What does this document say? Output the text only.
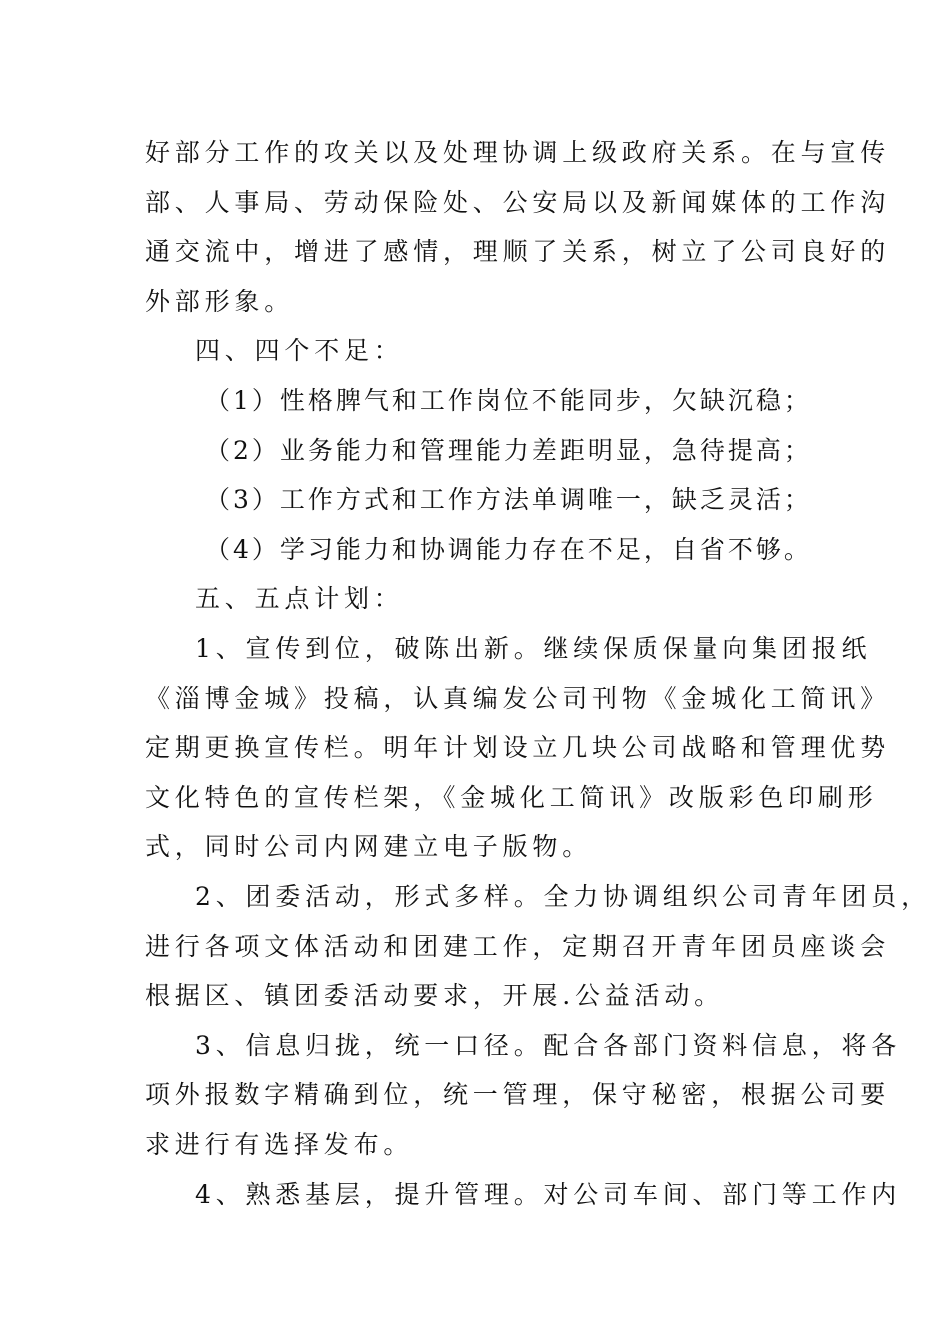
好部分工作的攻关以及处理协调上级政府关系。在与宣传
部、人事局、劳动保险处、公安局以及新闻媒体的工作沟
通交流中，增进了感情，理顺了关系，树立了公司良好的
外部形象。
四、四个不足：
（1）性格脾气和工作岗位不能同步，欠缺沉稳；
（2）业务能力和管理能力差距明显，急待提高；
（3）工作方式和工作方法单调唯一，缺乏灵活；
（4）学习能力和协调能力存在不足，自省不够。
五、五点计划：
1、宣传到位，破陈出新。继续保质保量向集团报纸
《淄博金城》投稿，认真编发公司刊物《金城化工简讯》
定期更换宣传栏。明年计划设立几块公司战略和管理优势
文化特色的宣传栏架，《金城化工简讯》改版彩色印刷形
式，同时公司内网建立电子版物。
2、团委活动，形式多样。全力协调组织公司青年团员，
进行各项文体活动和团建工作，定期召开青年团员座谈会
根据区、镇团委活动要求，开展.公益活动。
3、信息归拢，统一口径。配合各部门资料信息，将各
项外报数字精确到位，统一管理，保守秘密，根据公司要
求进行有选择发布。
4、熟悉基层，提升管理。对公司车间、部门等工作内
